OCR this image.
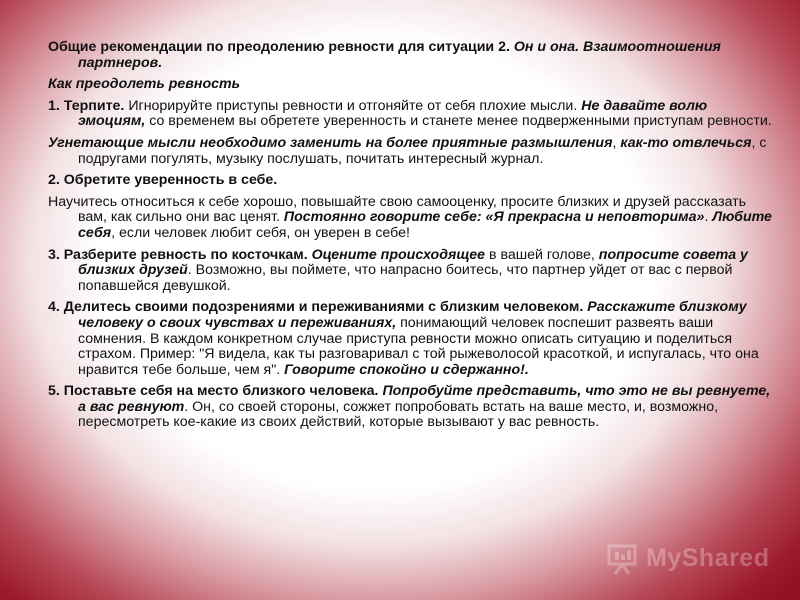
Общие рекомендации по преодолению ревности для ситуации 2. Он и она. Взаимоотношения партнеров.

Как преодолеть ревность

1. Терпите. Игнорируйте приступы ревности и отгоняйте от себя плохие мысли. Не давайте волю эмоциям, со временем вы обретете уверенность и станете менее подверженными приступам ревности.

Угнетающие мысли необходимо заменить на более приятные размышления, как-то отвлечься, с подругами погулять, музыку послушать, почитать интересный журнал.

2. Обретите уверенность в себе.

Научитесь относиться к себе хорошо, повышайте свою самооценку, просите близких и друзей рассказать вам, как сильно они вас ценят. Постоянно говорите себе: «Я прекрасна и неповторима». Любите себя, если человек любит себя, он уверен в себе!

3. Разберите ревность по косточкам. Оцените происходящее в вашей голове, попросите совета у близких друзей. Возможно, вы поймете, что напрасно боитесь, что партнер уйдет от вас с первой попавшейся девушкой.

4. Делитесь своими подозрениями и переживаниями с близким человеком. Расскажите близкому человеку о своих чувствах и переживаниях, понимающий человек поспешит развеять ваши сомнения. В каждом конкретном случае приступа ревности можно описать ситуацию и поделиться страхом. Пример: "Я видела, как ты разговаривал с той рыжеволосой красоткой, и испугалась, что она нравится тебе больше, чем я". Говорите спокойно и сдержанно!.

5. Поставьте себя на место близкого человека. Попробуйте представить, что это не вы ревнуете, а вас ревнуют. Он, со своей стороны, сожжет попробовать встать на ваше место, и, возможно, пересмотреть кое-какие из своих действий, которые вызывают у вас ревность.

MyShared
